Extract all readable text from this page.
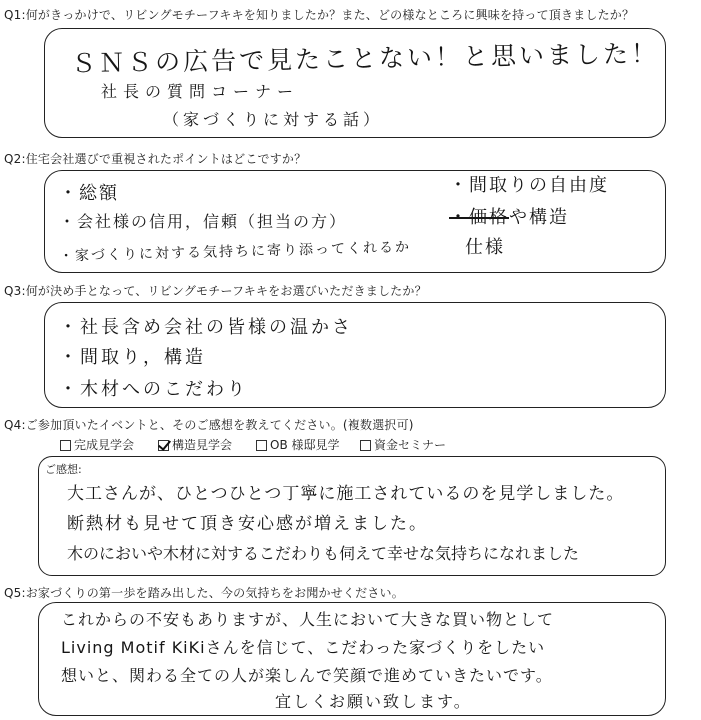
Q1:何がきっかけで、リビングモチーフキキを知りましたか？また、どの様なところに興味を持って頂きましたか？
ＳＮＳの広告で見たことない！と思いました！
社長の質問コーナー
（家づくりに対する話）
Q2:住宅会社選びで重視されたポイントはどこですか？
・総額
・会社様の信用，信頼（担当の方）
・家づくりに対する気持ちに寄り添ってくれるか
・間取りの自由度
・価格や構造
仕様
Q3:何が決め手となって、リビングモチーフキキをお選びいただきましたか？
・社長含め会社の皆様の温かさ
・間取り，構造
・木材へのこだわり
Q4:ご参加頂いたイベントと、そのご感想を教えてください。(複数選択可)
完成見学会	構造見学会	OB 様邸見学	資金セミナー
ご感想:
大工さんが、ひとつひとつ丁寧に施工されているのを見学しました。
断熱材も見せて頂き安心感が増えました。
木のにおいや木材に対するこだわりも伺えて幸せな気持ちになれました
Q5:お家づくりの第一歩を踏み出した、今の気持ちをお聞かせください。
これからの不安もありますが、人生において大きな買い物として
Living Motif KiKiさんを信じて、こだわった家づくりをしたい
想いと、関わる全ての人が楽しんで笑顔で進めていきたいです。
宜しくお願い致します。
